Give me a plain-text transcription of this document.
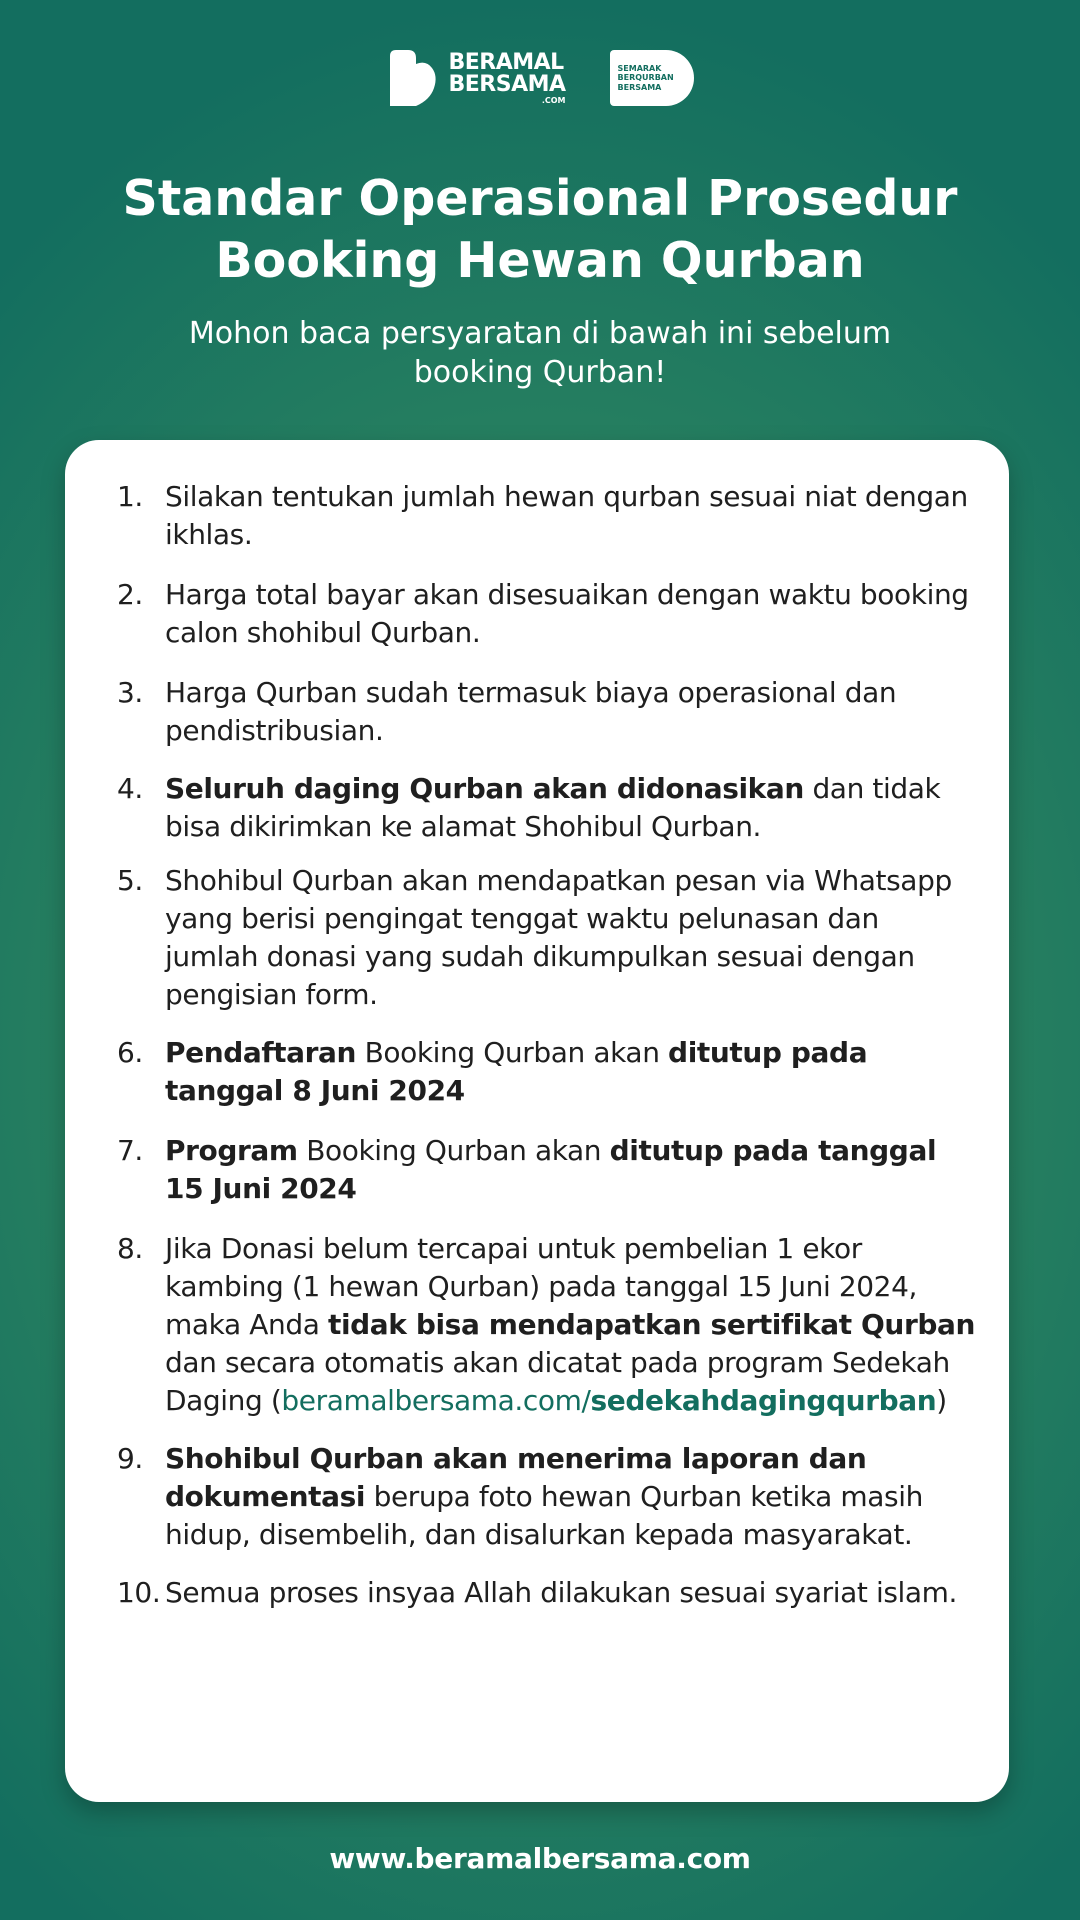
BERAMAL
BERSAMA
.COM
SEMARAK
BERQURBAN
BERSAMA
Standar Operasional Prosedur
Booking Hewan Qurban

Mohon baca persyaratan di bawah ini sebelum
booking Qurban!

1. Silakan tentukan jumlah hewan qurban sesuai niat dengan ikhlas.
2. Harga total bayar akan disesuaikan dengan waktu booking calon shohibul Qurban.
3. Harga Qurban sudah termasuk biaya operasional dan pendistribusian.
4. Seluruh daging Qurban akan didonasikan dan tidak bisa dikirimkan ke alamat Shohibul Qurban.
5. Shohibul Qurban akan mendapatkan pesan via Whatsapp yang berisi pengingat tenggat waktu pelunasan dan jumlah donasi yang sudah dikumpulkan sesuai dengan pengisian form.
6. Pendaftaran Booking Qurban akan ditutup pada tanggal 8 Juni 2024
7. Program Booking Qurban akan ditutup pada tanggal 15 Juni 2024
8. Jika Donasi belum tercapai untuk pembelian 1 ekor kambing (1 hewan Qurban) pada tanggal 15 Juni 2024, maka Anda tidak bisa mendapatkan sertifikat Qurban dan secara otomatis akan dicatat pada program Sedekah Daging (beramalbersama.com/sedekahdagingqurban)
9. Shohibul Qurban akan menerima laporan dan dokumentasi berupa foto hewan Qurban ketika masih hidup, disembelih, dan disalurkan kepada masyarakat.
10. Semua proses insyaa Allah dilakukan sesuai syariat islam.
www.beramalbersama.com
